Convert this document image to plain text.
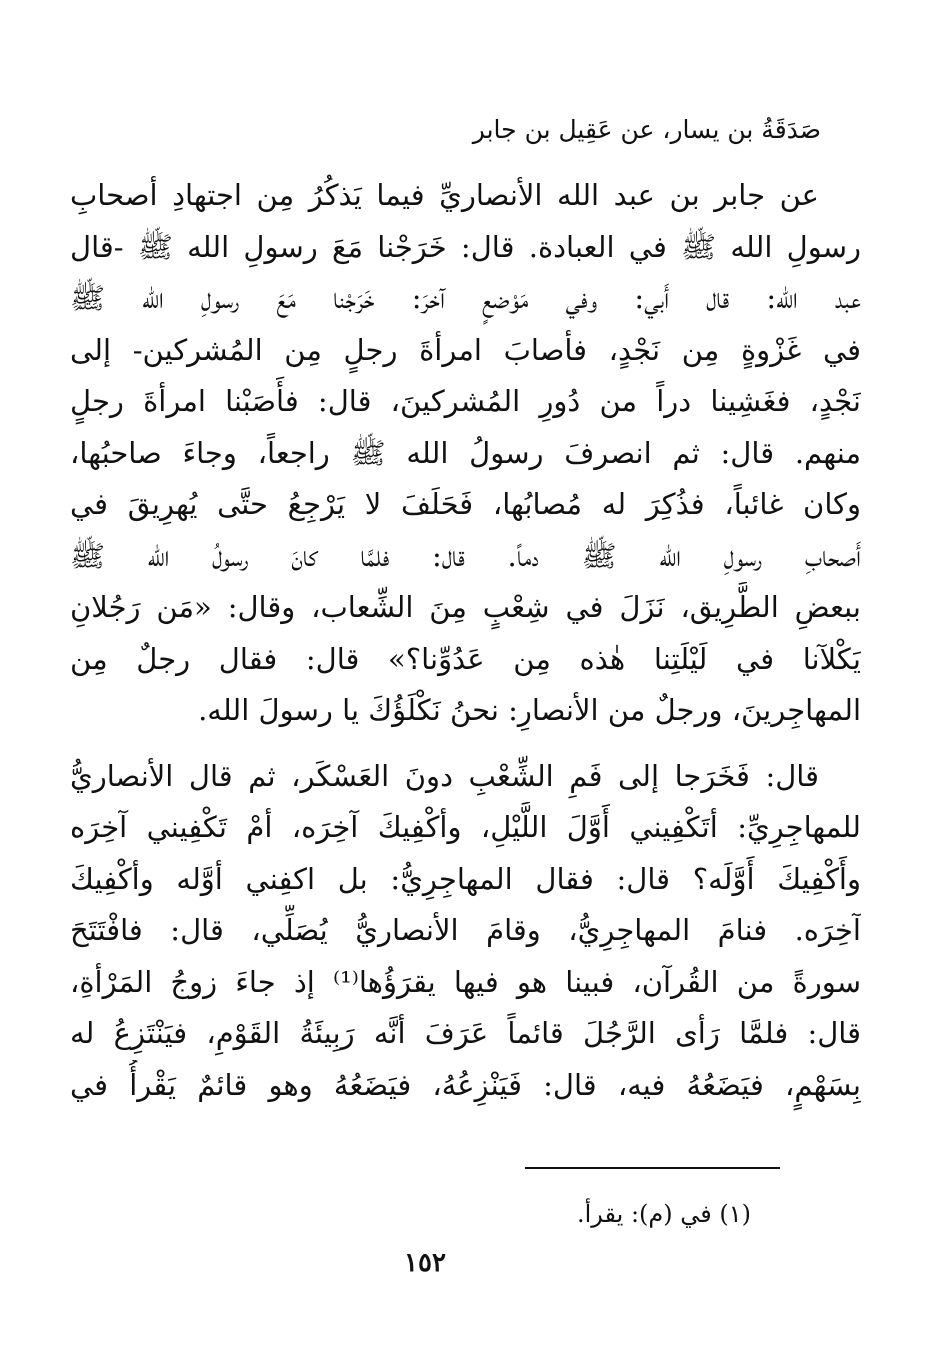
صَدَقَةُ بن يسار، عن عَقِيل بن جابر
عن جابر بن عبد الله الأنصاريِّ فيما يَذكُرُ مِن اجتهادِ أصحابِ
رسولِ الله ﷺ في العبادة. قال: خَرَجْنا مَعَ رسولِ الله ﷺ -قال
عبد الله: قال أَبي: وفي مَوْضعٍ آخرَ: خَرَجْنا مَعَ رسولِ الله ﷺ
في غَزْوةٍ مِن نَجْدٍ، فأصابَ امرأةَ رجلٍ مِن المُشركين- إلى
نَجْدٍ، فغَشِينا دراً من دُورِ المُشركينَ، قال: فأَصَبْنا امرأةَ رجلٍ
منهم. قال: ثم انصرفَ رسولُ الله ﷺ راجعاً، وجاءَ صاحبُها،
وكان غائباً، فذُكِرَ له مُصابُها، فَحَلَفَ لا يَرْجِعُ حتَّى يُهرِيقَ في
أَصحابِ رسولِ الله ﷺ دماً. قال: فلمَّا كانَ رسولُ الله ﷺ
ببعضِ الطَّرِيق، نَزَلَ في شِعْبٍ مِنَ الشِّعاب، وقال: «مَن رَجُلانِ
يَكْلآنا في لَيْلَتِنا هٰذه مِن عَدُوِّنا؟» قال: فقال رجلٌ مِن
المهاجِرينَ، ورجلٌ من الأنصارِ: نحنُ نَكْلَؤُكَ يا رسولَ الله.
قال: فَخَرَجا إلى فَمِ الشِّعْبِ دونَ العَسْكَر، ثم قال الأنصاريُّ
للمهاجِرِيِّ: أتَكْفِيني أَوَّلَ اللَّيْلِ، وأكْفِيكَ آخِرَه، أمْ تَكْفِيني آخِرَه
وأَكْفِيكَ أَوَّلَه؟ قال: فقال المهاجِرِيُّ: بل اكفِني أوَّله وأكْفِيكَ
آخِرَه. فنامَ المهاجِرِيُّ، وقامَ الأنصاريُّ يُصَلِّي، قال: فافْتَتَحَ
سورةً من القُرآن، فبينا هو فيها يقرَؤُها⁽¹⁾ إذ جاءَ زوجُ المَرْأةِ،
قال: فلمَّا رَأى الرَّجُلَ قائماً عَرَفَ أنَّه رَبِيئَةُ القَوْمِ، فيَنْتَزِعُ له
بِسَهْمٍ، فيَضَعُهُ فيه، قال: فَيَنْزِعُهُ، فيَضَعُهُ وهو قائمٌ يَقْرأُ في
(١) في (م): يقرأ.
١٥٢
